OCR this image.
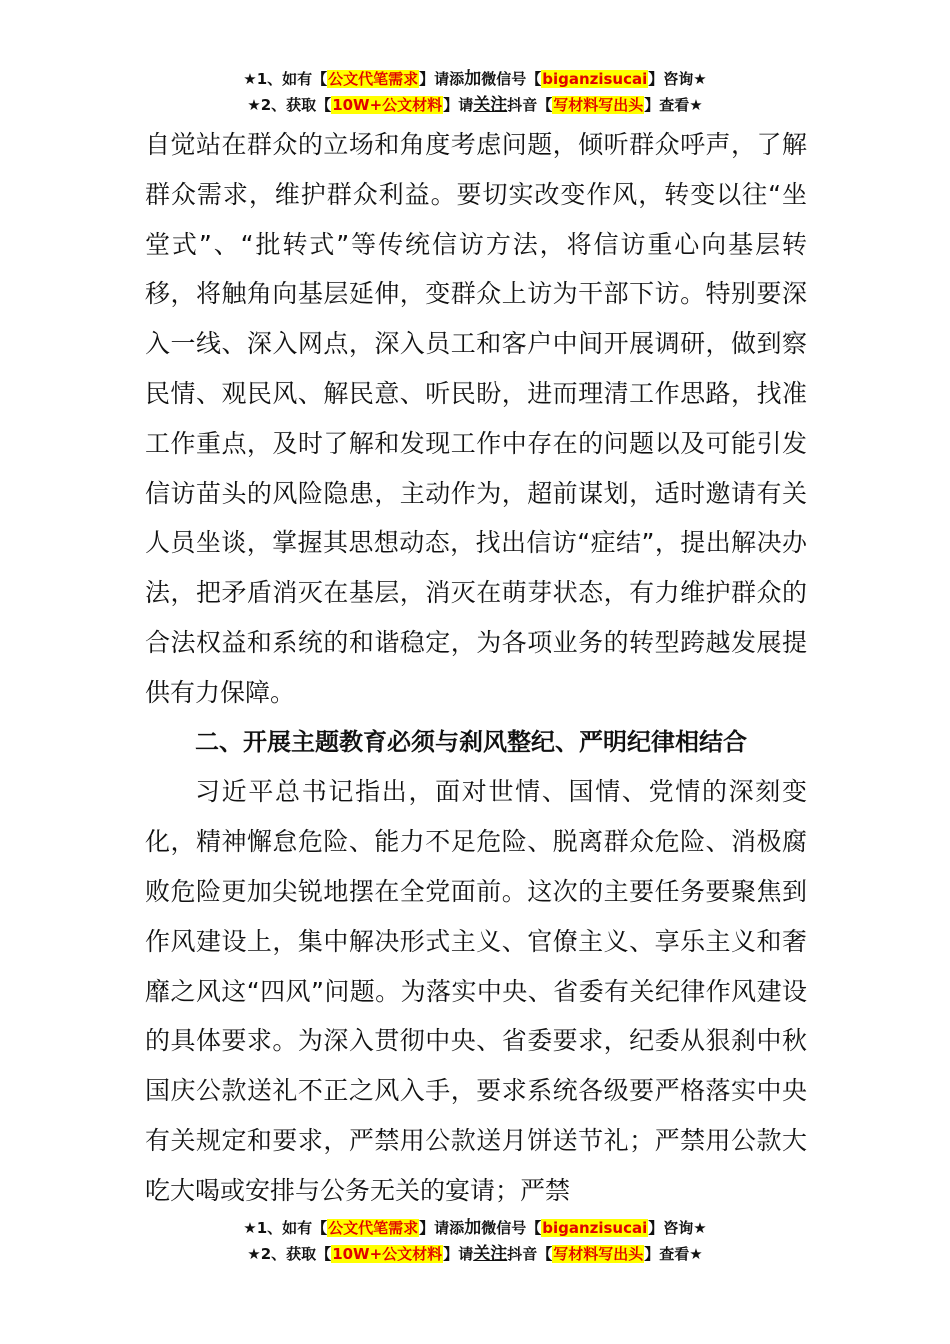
★1、如有【公文代笔需求】请添加微信号【biganzisucai】咨询★
★2、获取【10W+公文材料】请关注抖音【写材料写出头】查看★

自觉站在群众的立场和角度考虑问题，倾听群众呼声，了解群众需求，维护群众利益。要切实改变作风，转变以往“坐堂式”、“批转式”等传统信访方法，将信访重心向基层转移，将触角向基层延伸，变群众上访为干部下访。特别要深入一线、深入网点，深入员工和客户中间开展调研，做到察民情、观民风、解民意、听民盼，进而理清工作思路，找准工作重点，及时了解和发现工作中存在的问题以及可能引发信访苗头的风险隐患，主动作为，超前谋划，适时邀请有关人员坐谈，掌握其思想动态，找出信访“症结”，提出解决办法，把矛盾消灭在基层，消灭在萌芽状态，有力维护群众的合法权益和系统的和谐稳定，为各项业务的转型跨越发展提供有力保障。

二、开展主题教育必须与刹风整纪、严明纪律相结合

习近平总书记指出，面对世情、国情、党情的深刻变化，精神懈怠危险、能力不足危险、脱离群众危险、消极腐败危险更加尖锐地摆在全党面前。这次的主要任务要聚焦到作风建设上，集中解决形式主义、官僚主义、享乐主义和奢靡之风这“四风”问题。为落实中央、省委有关纪律作风建设的具体要求。为深入贯彻中央、省委要求，纪委从狠刹中秋国庆公款送礼不正之风入手，要求系统各级要严格落实中央有关规定和要求，严禁用公款送月饼送节礼；严禁用公款大吃大喝或安排与公务无关的宴请；严禁

★1、如有【公文代笔需求】请添加微信号【biganzisucai】咨询★
★2、获取【10W+公文材料】请关注抖音【写材料写出头】查看★
